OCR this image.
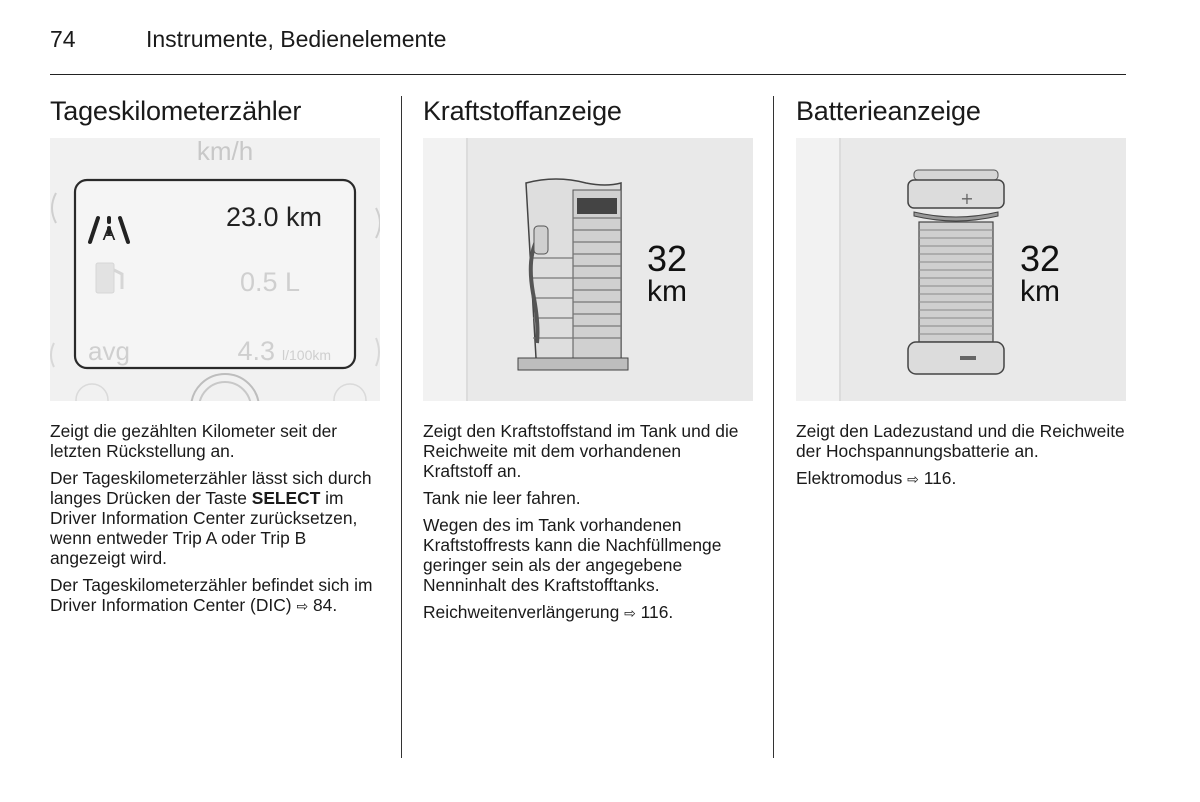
74	Instrumente, Bedienelemente
Tageskilometerzähler
km/h
A
23.0 km
0.5 L
avg	4.3 l/100km

Zeigt die gezählten Kilometer seit der letzten Rückstellung an.

Der Tageskilometerzähler lässt sich durch langes Drücken der Taste SELECT im Driver Information Center zurücksetzen, wenn entweder Trip A oder Trip B angezeigt wird.

Der Tageskilometerzähler befindet sich im Driver Information Center (DIC) ⇨ 84.

Kraftstoffanzeige
32
km

Zeigt den Kraftstoffstand im Tank und die Reichweite mit dem vorhandenen Kraftstoff an.

Tank nie leer fahren.

Wegen des im Tank vorhandenen Kraftstoffrests kann die Nachfüllmenge geringer sein als der angegebene Nenninhalt des Kraftstofftanks.

Reichweitenverlängerung ⇨ 116.

Batterieanzeige
+
32
km

Zeigt den Ladezustand und die Reichweite der Hochspannungsbatterie an.

Elektromodus ⇨ 116.
